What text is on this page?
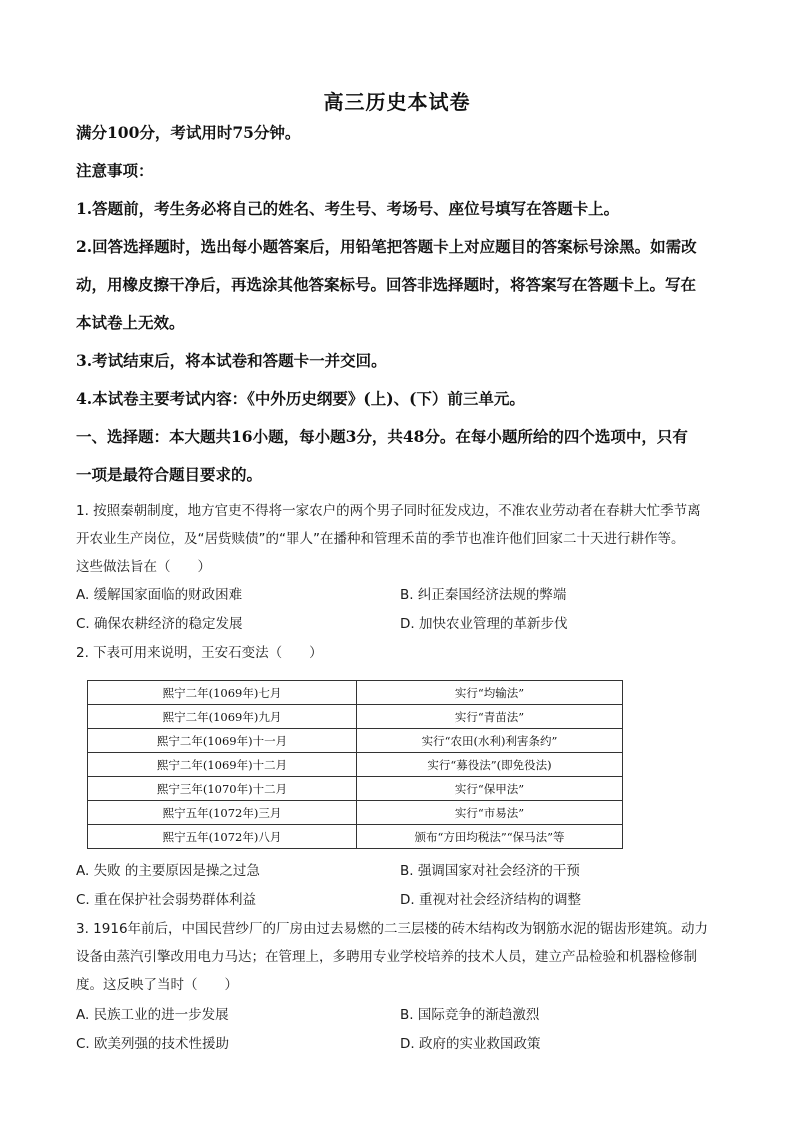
高三历史本试卷
满分100分，考试用时75分钟。
注意事项：
1.答题前，考生务必将自己的姓名、考生号、考场号、座位号填写在答题卡上。
2.回答选择题时，选出每小题答案后，用铅笔把答题卡上对应题目的答案标号涂黑。如需改
动，用橡皮擦干净后，再选涂其他答案标号。回答非选择题时，将答案写在答题卡上。写在
本试卷上无效。
3.考试结束后，将本试卷和答题卡一并交回。
4.本试卷主要考试内容：《中外历史纲要》(上)、(下）前三单元。
一、选择题：本大题共16小题，每小题3分，共48分。在每小题所给的四个选项中，只有
一项是最符合题目要求的。
1. 按照秦朝制度，地方官吏不得将一家农户的两个男子同时征发戍边，不准农业劳动者在春耕大忙季节离
开农业生产岗位，及“居赀赎债”的“罪人”在播种和管理禾苗的季节也准许他们回家二十天进行耕作等。
这些做法旨在（　　）
A. 缓解国家面临的财政困难	B. 纠正秦国经济法规的弊端
C. 确保农耕经济的稳定发展	D. 加快农业管理的革新步伐
2. 下表可用来说明，王安石变法（　　）
熙宁二年(1069年)七月	实行“均输法”
熙宁二年(1069年)九月	实行“青苗法”
熙宁二年(1069年)十一月	实行“农田(水利)利害条约”
熙宁二年(1069年)十二月	实行“募役法”(即免役法)
熙宁三年(1070年)十二月	实行“保甲法”
熙宁五年(1072年)三月	实行“市易法”
熙宁五年(1072年)八月	颁布“方田均税法”“保马法”等
A. 失败 的主要原因是操之过急	B. 强调国家对社会经济的干预
C. 重在保护社会弱势群体利益	D. 重视对社会经济结构的调整
3. 1916年前后，中国民营纱厂的厂房由过去易燃的二三层楼的砖木结构改为钢筋水泥的锯齿形建筑。动力
设备由蒸汽引擎改用电力马达；在管理上，多聘用专业学校培养的技术人员，建立产品检验和机器检修制
度。这反映了当时（　　）
A. 民族工业的进一步发展	B. 国际竞争的渐趋激烈
C. 欧美列强的技术性援助	D. 政府的实业救国政策
